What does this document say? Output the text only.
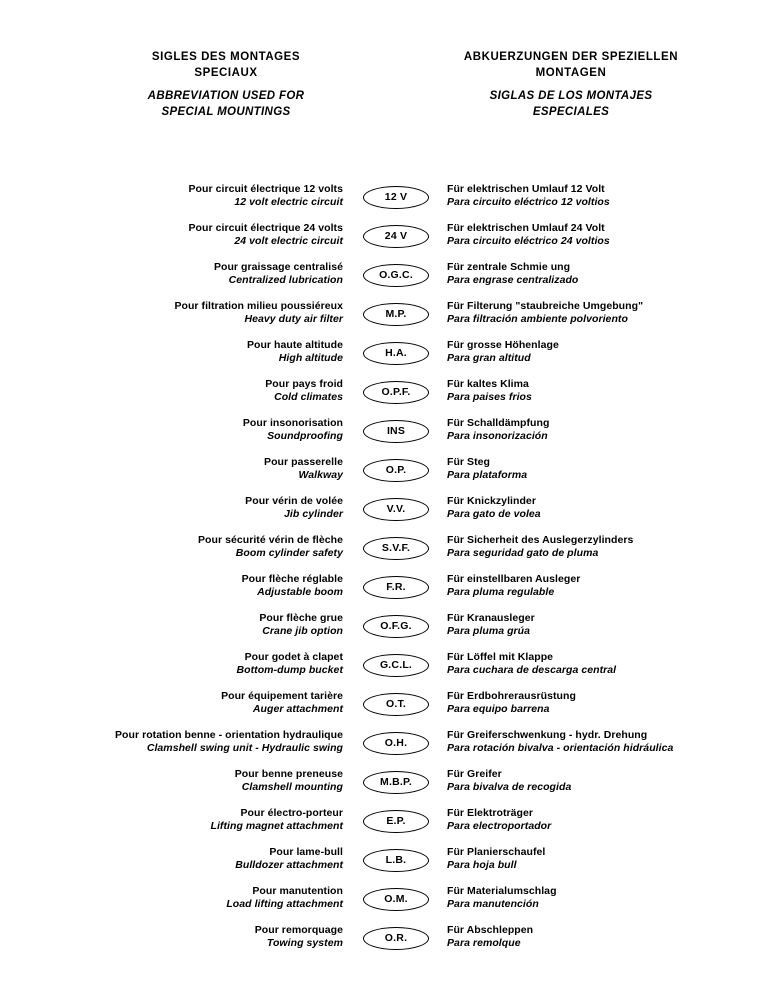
SIGLES DES MONTAGES
SPECIAUX
ABBREVIATION USED FOR
SPECIAL MOUNTINGS
ABKUERZUNGEN DER SPEZIELLEN
MONTAGEN
SIGLAS DE LOS MONTAJES
ESPECIALES
Pour circuit électrique 12 volts
12 volt electric circuit	12 V
Für elektrischen Umlauf 12 Volt
Para circuito eléctrico 12 voltios
Pour circuit électrique 24 volts
24 volt electric circuit	24 V
Für elektrischen Umlauf 24 Volt
Para circuito eléctrico 24 voltios
Pour graissage centralisé
Centralized lubrication	O.G.C.
Für zentrale Schmie ung
Para engrase centralizado
Pour filtration milieu poussiéreux
Heavy duty air filter	M.P.
Für Filterung "staubreiche Umgebung"
Para filtración ambiente polvoriento
Pour haute altitude
High altitude	H.A.
Für grosse Höhenlage
Para gran altitud
Pour pays froid
Cold climates	O.P.F.
Für kaltes Klima
Para paises frios
Pour insonorisation
Soundproofing	INS
Für Schalldämpfung
Para insonorización
Pour passerelle
Walkway	O.P.
Für Steg
Para plataforma
Pour vérin de volée
Jib cylinder	V.V.
Für Knickzylinder
Para gato de volea
Pour sécurité vérin de flèche
Boom cylinder safety	S.V.F.
Für Sicherheit des Auslegerzylinders
Para seguridad gato de pluma
Pour flèche réglable
Adjustable boom	F.R.
Für einstellbaren Ausleger
Para pluma regulable
Pour flèche grue
Crane jib option	O.F.G.
Für Kranausleger
Para pluma grúa
Pour godet à clapet
Bottom-dump bucket	G.C.L.
Für Löffel mit Klappe
Para cuchara de descarga central
Pour équipement tarière
Auger attachment	O.T.
Für Erdbohrerausrüstung
Para equipo barrena
Pour rotation benne - orientation hydraulique
Clamshell swing unit - Hydraulic swing	O.H.
Für Greiferschwenkung - hydr. Drehung
Para rotación bivalva - orientación hidráulica
Pour benne preneuse
Clamshell mounting	M.B.P.
Für Greifer
Para bivalva de recogida
Pour électro-porteur
Lifting magnet attachment	E.P.
Für Elektroträger
Para electroportador
Pour lame-bull
Bulldozer attachment	L.B.
Für Planierschaufel
Para hoja bull
Pour manutention
Load lifting attachment	O.M.
Für Materialumschlag
Para manutención
Pour remorquage
Towing system	O.R.
Für Abschleppen
Para remolque
